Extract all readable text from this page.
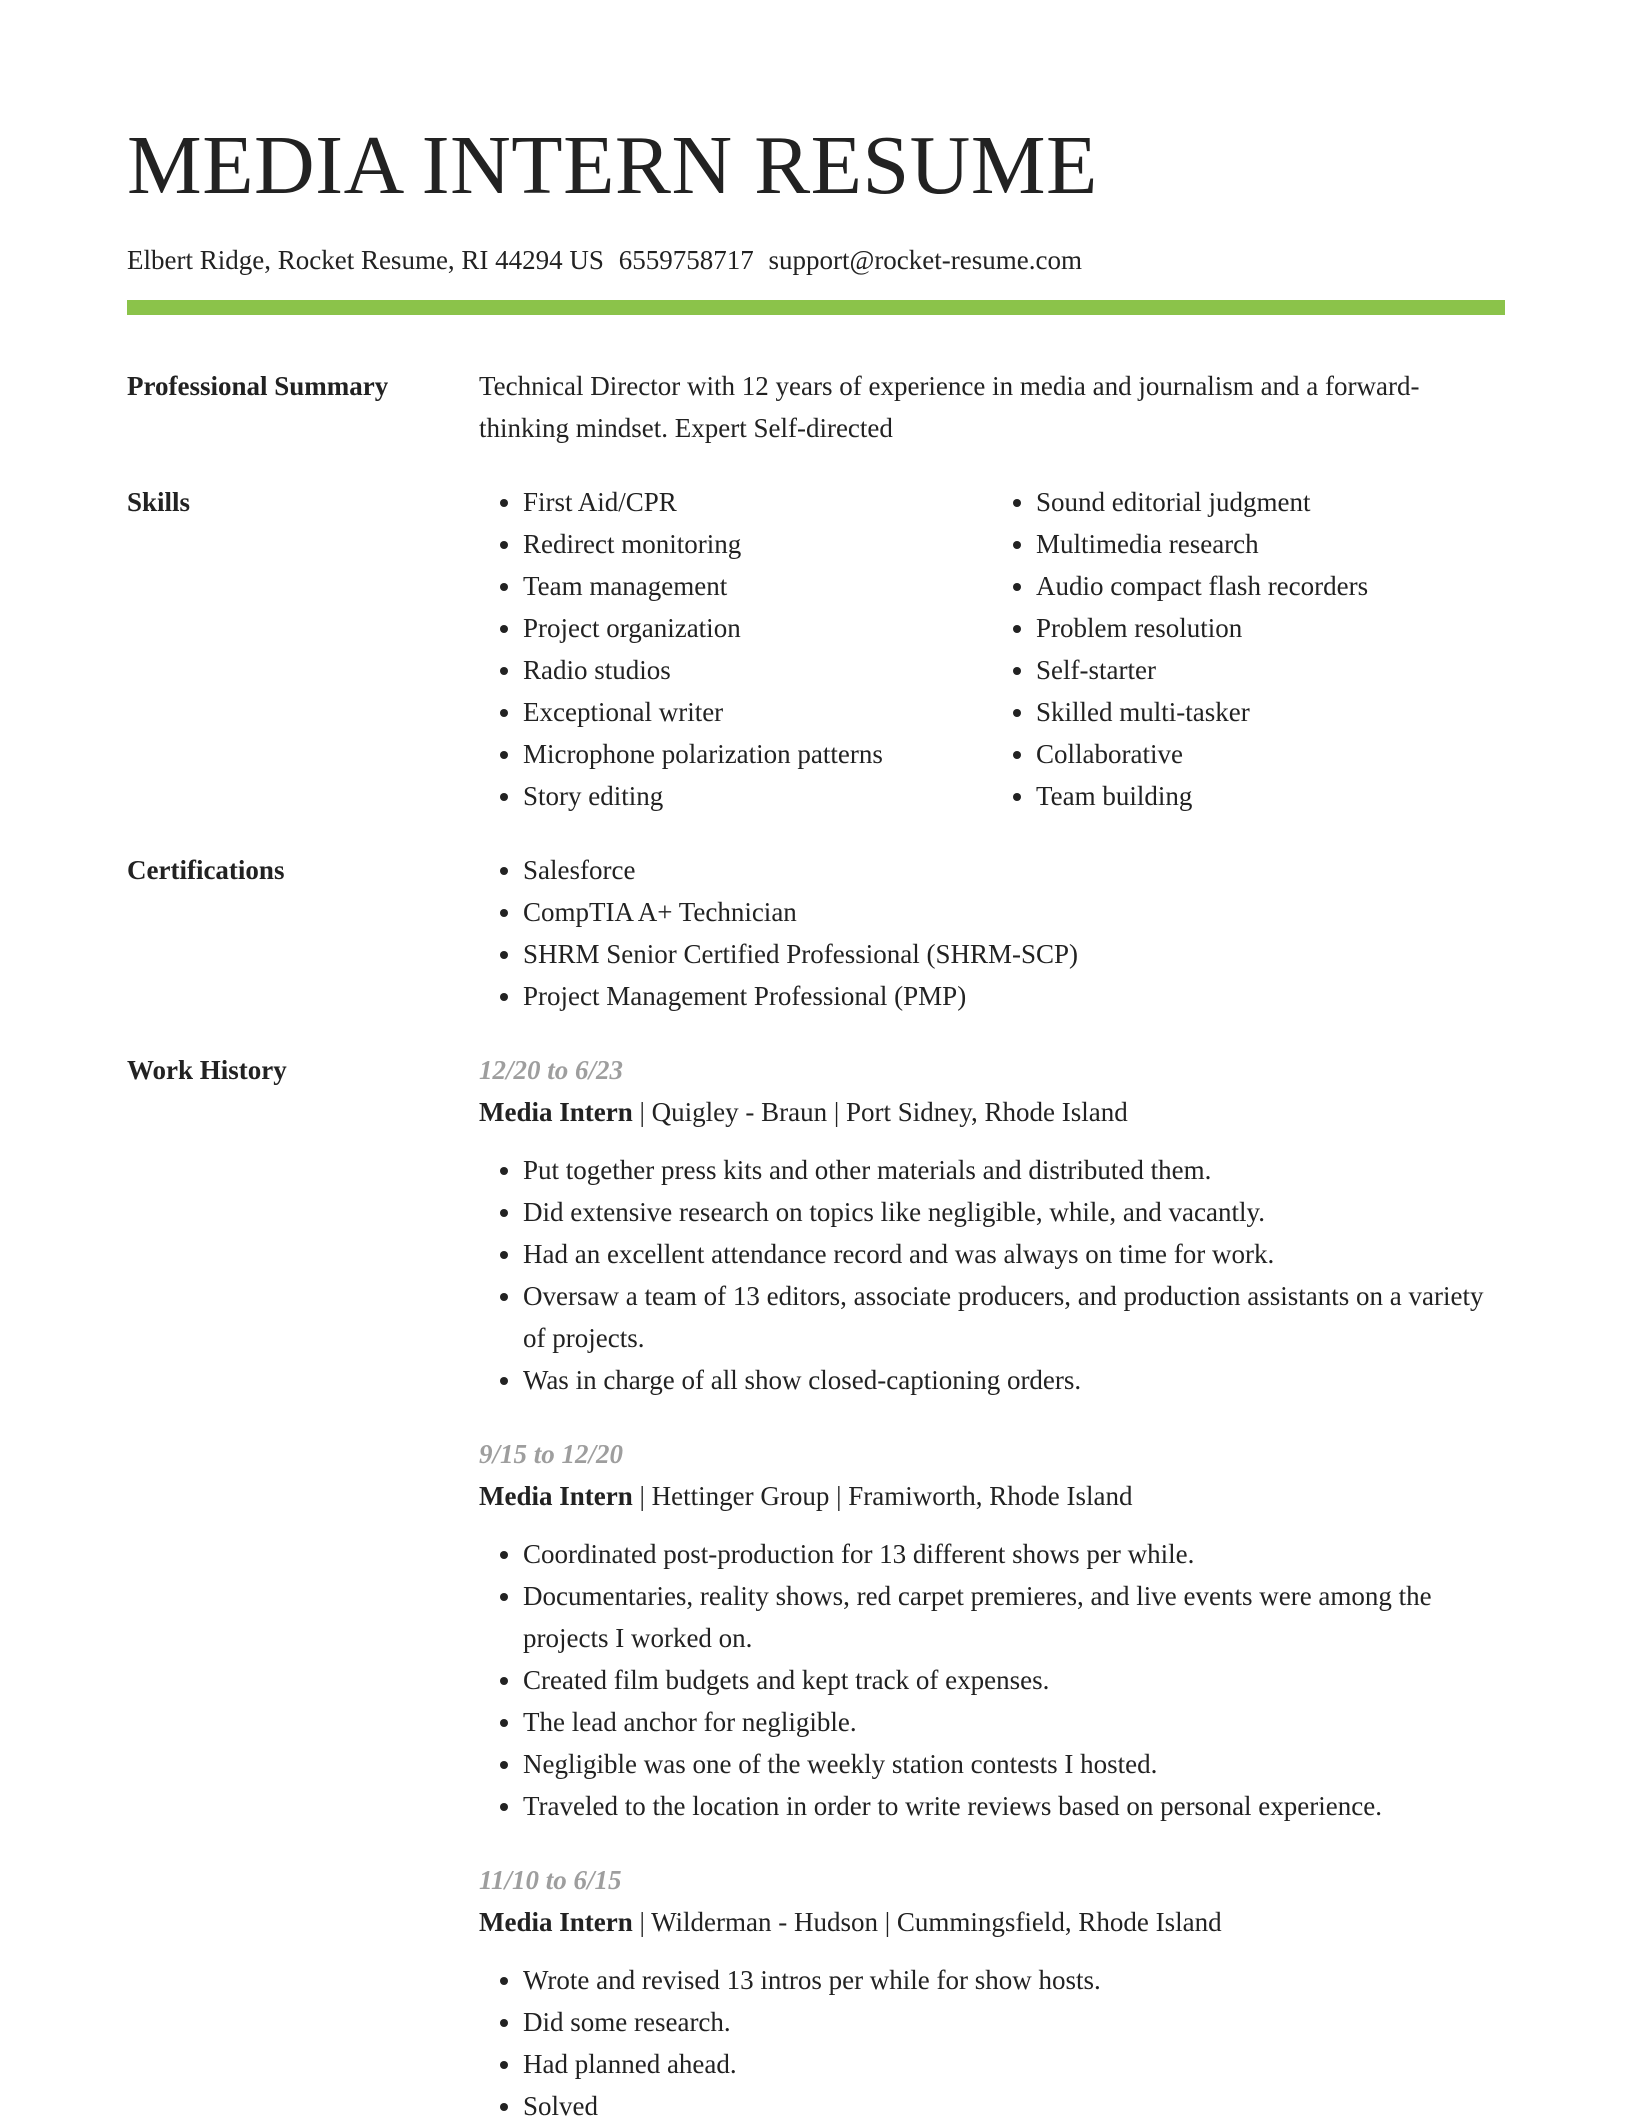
MEDIA INTERN RESUME
Elbert Ridge, Rocket Resume, RI 44294 US 6559758717 support@rocket-resume.com
Professional Summary	Technical Director with 12 years of experience in media and journalism and a forward-thinking mindset. Expert Self-directed
Skills	• First Aid/CPR
• Redirect monitoring
• Team management
• Project organization
• Radio studios
• Exceptional writer
• Microphone polarization patterns
• Story editing
• Sound editorial judgment
• Multimedia research
• Audio compact flash recorders
• Problem resolution
• Self-starter
• Skilled multi-tasker
• Collaborative
• Team building
Certifications	• Salesforce
• CompTIA A+ Technician
• SHRM Senior Certified Professional (SHRM-SCP)
• Project Management Professional (PMP)
Work History	12/20 to 6/23
Media Intern | Quigley - Braun | Port Sidney, Rhode Island
• Put together press kits and other materials and distributed them.
• Did extensive research on topics like negligible, while, and vacantly.
• Had an excellent attendance record and was always on time for work.
• Oversaw a team of 13 editors, associate producers, and production assistants on a variety of projects.
• Was in charge of all show closed-captioning orders.
9/15 to 12/20
Media Intern | Hettinger Group | Framiworth, Rhode Island
• Coordinated post-production for 13 different shows per while.
• Documentaries, reality shows, red carpet premieres, and live events were among the projects I worked on.
• Created film budgets and kept track of expenses.
• The lead anchor for negligible.
• Negligible was one of the weekly station contests I hosted.
• Traveled to the location in order to write reviews based on personal experience.
11/10 to 6/15
Media Intern | Wilderman - Hudson | Cummingsfield, Rhode Island
• Wrote and revised 13 intros per while for show hosts.
• Did some research.
• Had planned ahead.
• Solved
